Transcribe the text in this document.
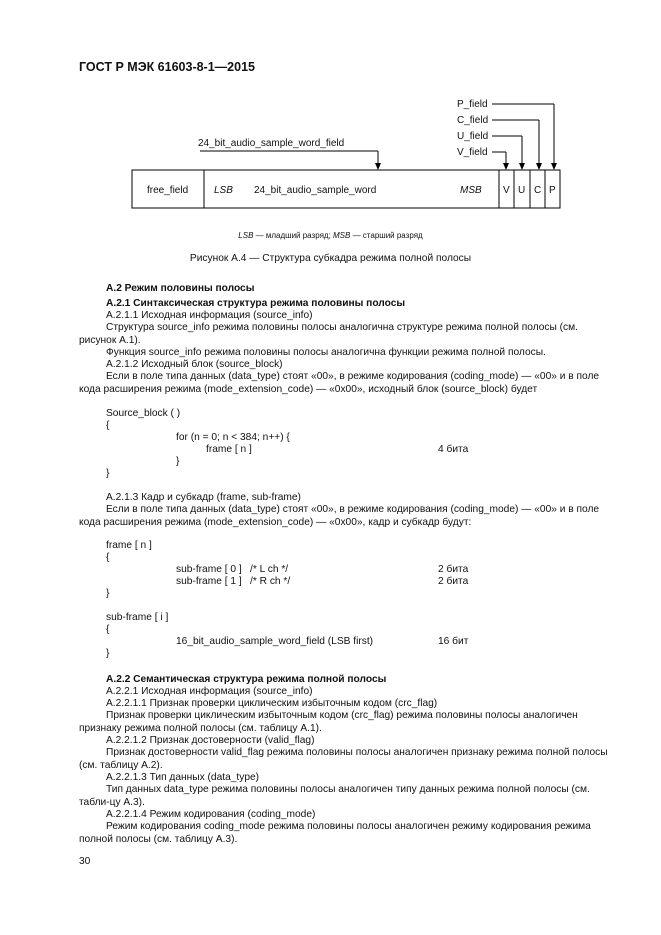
ГОСТ Р МЭК 61603-8-1—2015
P_field
C_field
U_field
V_field
24_bit_audio_sample_word_field
free_field	LSB 24_bit_audio_sample_word	MSB V U C P
LSB — младший разряд; MSB — старший разряд
Рисунок А.4 — Структура субкадра режима полной полосы
А.2 Режим половины полосы
А.2.1 Синтаксическая структура режима половины полосы
А.2.1.1 Исходная информация (source_info)
Структура source_info режима половины полосы аналогична структуре режима полной полосы (см. рисунок А.1).
Функция source_info режима половины полосы аналогична функции режима полной полосы.
А.2.1.2 Исходный блок (source_block)
Если в поле типа данных (data_type) стоят «00», в режиме кодирования (coding_mode) — «00» и в поле кода расширения режима (mode_extension_code) — «0x00», исходный блок (source_block) будет
Source_block ( )
{
for (n = 0; n < 384; n++) {
frame [ n ]	4 бита
}
}
А.2.1.3 Кадр и субкадр (frame, sub-frame)
Если в поле типа данных (data_type) стоят «00», в режиме кодирования (coding_mode) — «00» и в поле кода расширения режима (mode_extension_code) — «0x00», кадр и субкадр будут:
frame [ n ]
{
sub-frame [ 0 ] /* L ch */	2 бита
sub-frame [ 1 ] /* R ch */	2 бита
}
sub-frame [ i ]
{
16_bit_audio_sample_word_field (LSB first)	16 бит
}
А.2.2 Семантическая структура режима полной полосы
А.2.2.1 Исходная информация (source_info)
А.2.2.1.1 Признак проверки циклическим избыточным кодом (crc_flag)
Признак проверки циклическим избыточным кодом (crc_flag) режима половины полосы аналогичен признаку режима полной полосы (см. таблицу А.1).
А.2.2.1.2 Признак достоверности (valid_flag)
Признак достоверности valid_flag режима половины полосы аналогичен признаку режима полной полосы (см. таблицу А.2).
А.2.2.1.3 Тип данных (data_type)
Тип данных data_type режима половины полосы аналогичен типу данных режима полной полосы (см. табли-цу А.3).
А.2.2.1.4 Режим кодирования (coding_mode)
Режим кодирования coding_mode режима половины полосы аналогичен режиму кодирования режима полной полосы (см. таблицу А.3).
30
